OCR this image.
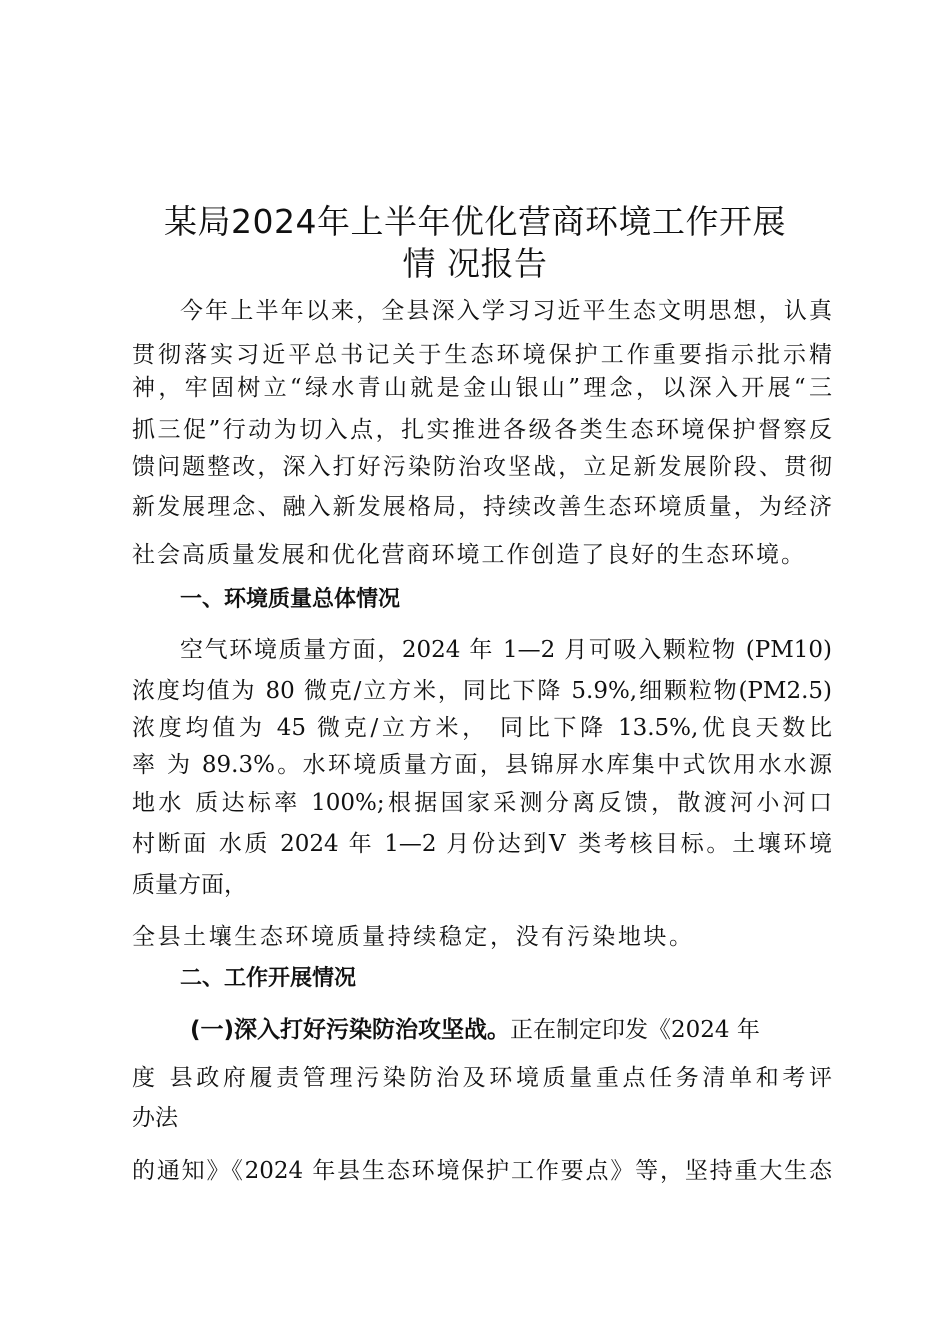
某局2024年上半年优化营商环境工作开展
情 况报告
今年上半年以来，全县深入学习习近平生态文明思想，认真
贯彻落实习近平总书记关于生态环境保护工作重要指示批示精
神，牢固树立“绿水青山就是金山银山”理念，以深入开展“三
抓三促”行动为切入点，扎实推进各级各类生态环境保护督察反
馈问题整改，深入打好污染防治攻坚战，立足新发展阶段、贯彻
新发展理念、融入新发展格局，持续改善生态环境质量，为经济
社会高质量发展和优化营商环境工作创造了良好的生态环境。
一、环境质量总体情况
空气环境质量方面，2024 年 1—2 月可吸入颗粒物 (PM10)
浓度均值为 80 微克/立方米，同比下降 5.9%,细颗粒物(PM2.5)
浓度均值为 45 微克/立方米， 同比下降 13.5%,优良天数比
率 为 89.3%。水环境质量方面，县锦屏水库集中式饮用水水源
地水 质达标率 100%;根据国家采测分离反馈，散渡河小河口
村断面 水质 2024 年 1—2 月份达到Ⅴ 类考核目标。土壤环境
质量方面，
全县土壤生态环境质量持续稳定，没有污染地块。
二、工作开展情况
(一)深入打好污染防治攻坚战。正在制定印发《2024 年
度 县政府履责管理污染防治及环境质量重点任务清单和考评
办法
的通知》《2024 年县生态环境保护工作要点》等，坚持重大生态
